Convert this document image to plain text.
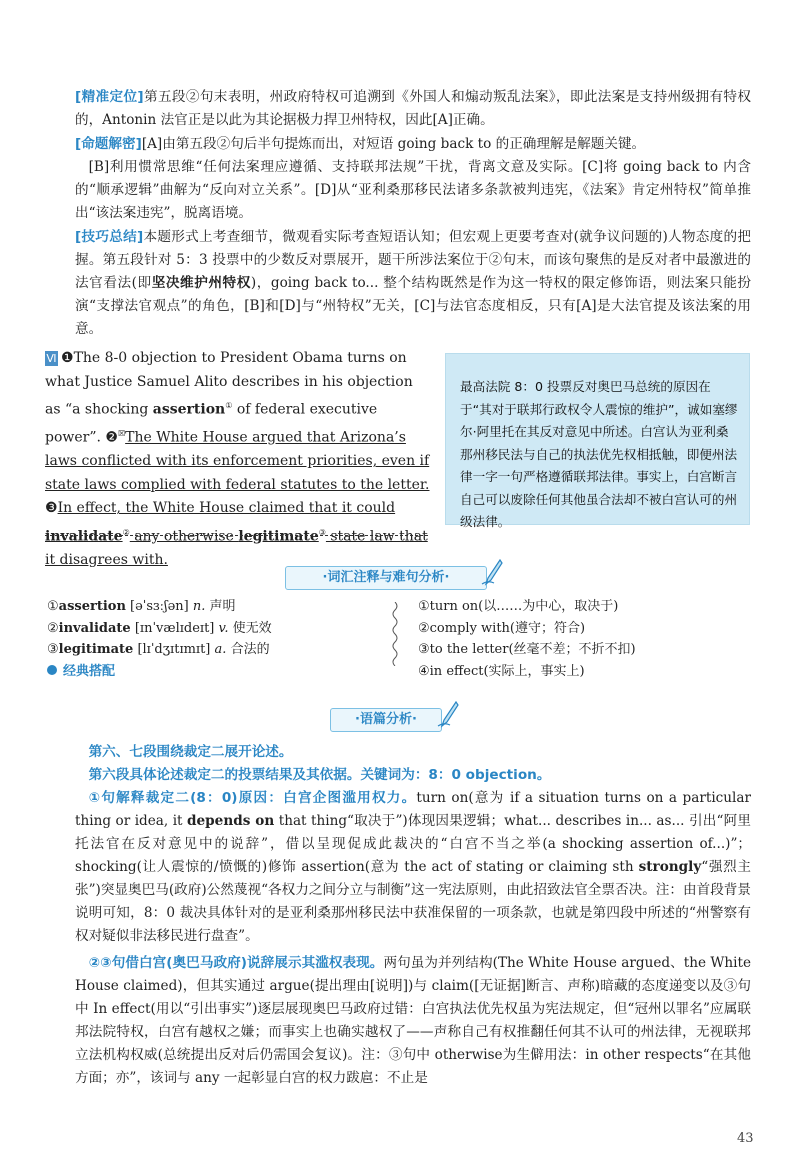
[精准定位]第五段②句末表明，州政府特权可追溯到《外国人和煽动叛乱法案》，即此法案是支持州级拥有特权的，Antonin 法官正是以此为其论据极力捍卫州特权，因此[A]正确。
[命题解密][A]由第五段②句后半句提炼而出，对短语 going back to 的正确理解是解题关键。
[B]利用惯常思维“任何法案理应遵循、支持联邦法规”干扰，背离文意及实际。[C]将 going back to 内含的“顺承逻辑”曲解为“反向对立关系”。[D]从“亚利桑那移民法诸多条款被判违宪，《法案》肯定州特权”简单推出“该法案违宪”，脱离语境。
[技巧总结]本题形式上考查细节，微观看实际考查短语认知；但宏观上更要考查对(就争议问题的)人物态度的把握。第五段针对 5：3 投票中的少数反对票展开，题干所涉法案位于②句末，而该句聚焦的是反对者中最激进的法官看法(即坚决维护州特权)，going back to... 整个结构既然是作为这一特权的限定修饰语，则法案只能扮演“支撑法官观点”的角色，[B]和[D]与“州特权”无关，[C]与法官态度相反，只有[A]是大法官提及该法案的用意。
Ⅵ ❶The 8-0 objection to President Obama turns on what Justice Samuel Alito describes in his objection as “a shocking assertion① of federal executive power”. ❷☒The White House argued that Arizona’s laws conflicted with its enforcement priorities, even if state laws complied with federal statutes to the letter. ❸In effect, the White House claimed that it could invalidate② any otherwise legitimate③ state law that it disagrees with.
最高法院 8：0 投票反对奥巴马总统的原因在于“其对于联邦行政权令人震惊的维护”，诚如塞缪尔·阿里托在其反对意见中所述。白宫认为亚利桑那州移民法与自己的执法优先权相抵触，即便州法律一字一句严格遵循联邦法律。事实上，白宫断言自己可以废除任何其他虽合法却不被白宫认可的州级法律。
·词汇注释与难句分析·
①assertion [əˈsɜːʃən] n. 声明
②invalidate [ɪnˈvælɪdeɪt] v. 使无效
③legitimate [lɪˈdʒɪtɪmɪt] a. 合法的
①turn on(以……为中心，取决于)
②comply with(遵守；符合)
③to the letter(丝毫不差；不折不扣)
④in effect(实际上，事实上)
经典搭配
·语篇分析·
第六、七段围绕裁定二展开论述。
第六段具体论述裁定二的投票结果及其依据。关键词为：8：0 objection。
①句解释裁定二(8：0)原因：白宫企图滥用权力。turn on(意为 if a situation turns on a particular thing or idea, it depends on that thing“取决于”)体现因果逻辑；what... describes in... as... 引出“阿里托法官在反对意见中的说辞”，借以呈现促成此裁决的“白宫不当之举(a shocking assertion of...)”；shocking(让人震惊的/愤慨的)修饰 assertion(意为 the act of stating or claiming sth strongly“强烈主张”)突显奥巴马(政府)公然蔑视“各权力之间分立与制衡”这一宪法原则，由此招致法官全票否决。注：由首段背景说明可知，8：0 裁决具体针对的是亚利桑那州移民法中获准保留的一项条款，也就是第四段中所述的“州警察有权对疑似非法移民进行盘查”。
②③句借白宫(奥巴马政府)说辞展示其滥权表现。两句虽为并列结构(The White House argued、the White House claimed)，但其实通过 argue(提出理由[说明])与 claim([无证据]断言、声称)暗藏的态度递变以及③句中 In effect(用以“引出事实”)逐层展现奥巴马政府过错：白宫执法优先权虽为宪法规定，但“冠州以罪名”应属联邦法院特权，白宫有越权之嫌；而事实上也确实越权了——声称自己有权推翻任何其不认可的州法律，无视联邦立法机构权威(总统提出反对后仍需国会复议)。注：③句中 otherwise为生僻用法：in other respects“在其他方面；亦”，该词与 any 一起彰显白宫的权力跋扈：不止是
43
